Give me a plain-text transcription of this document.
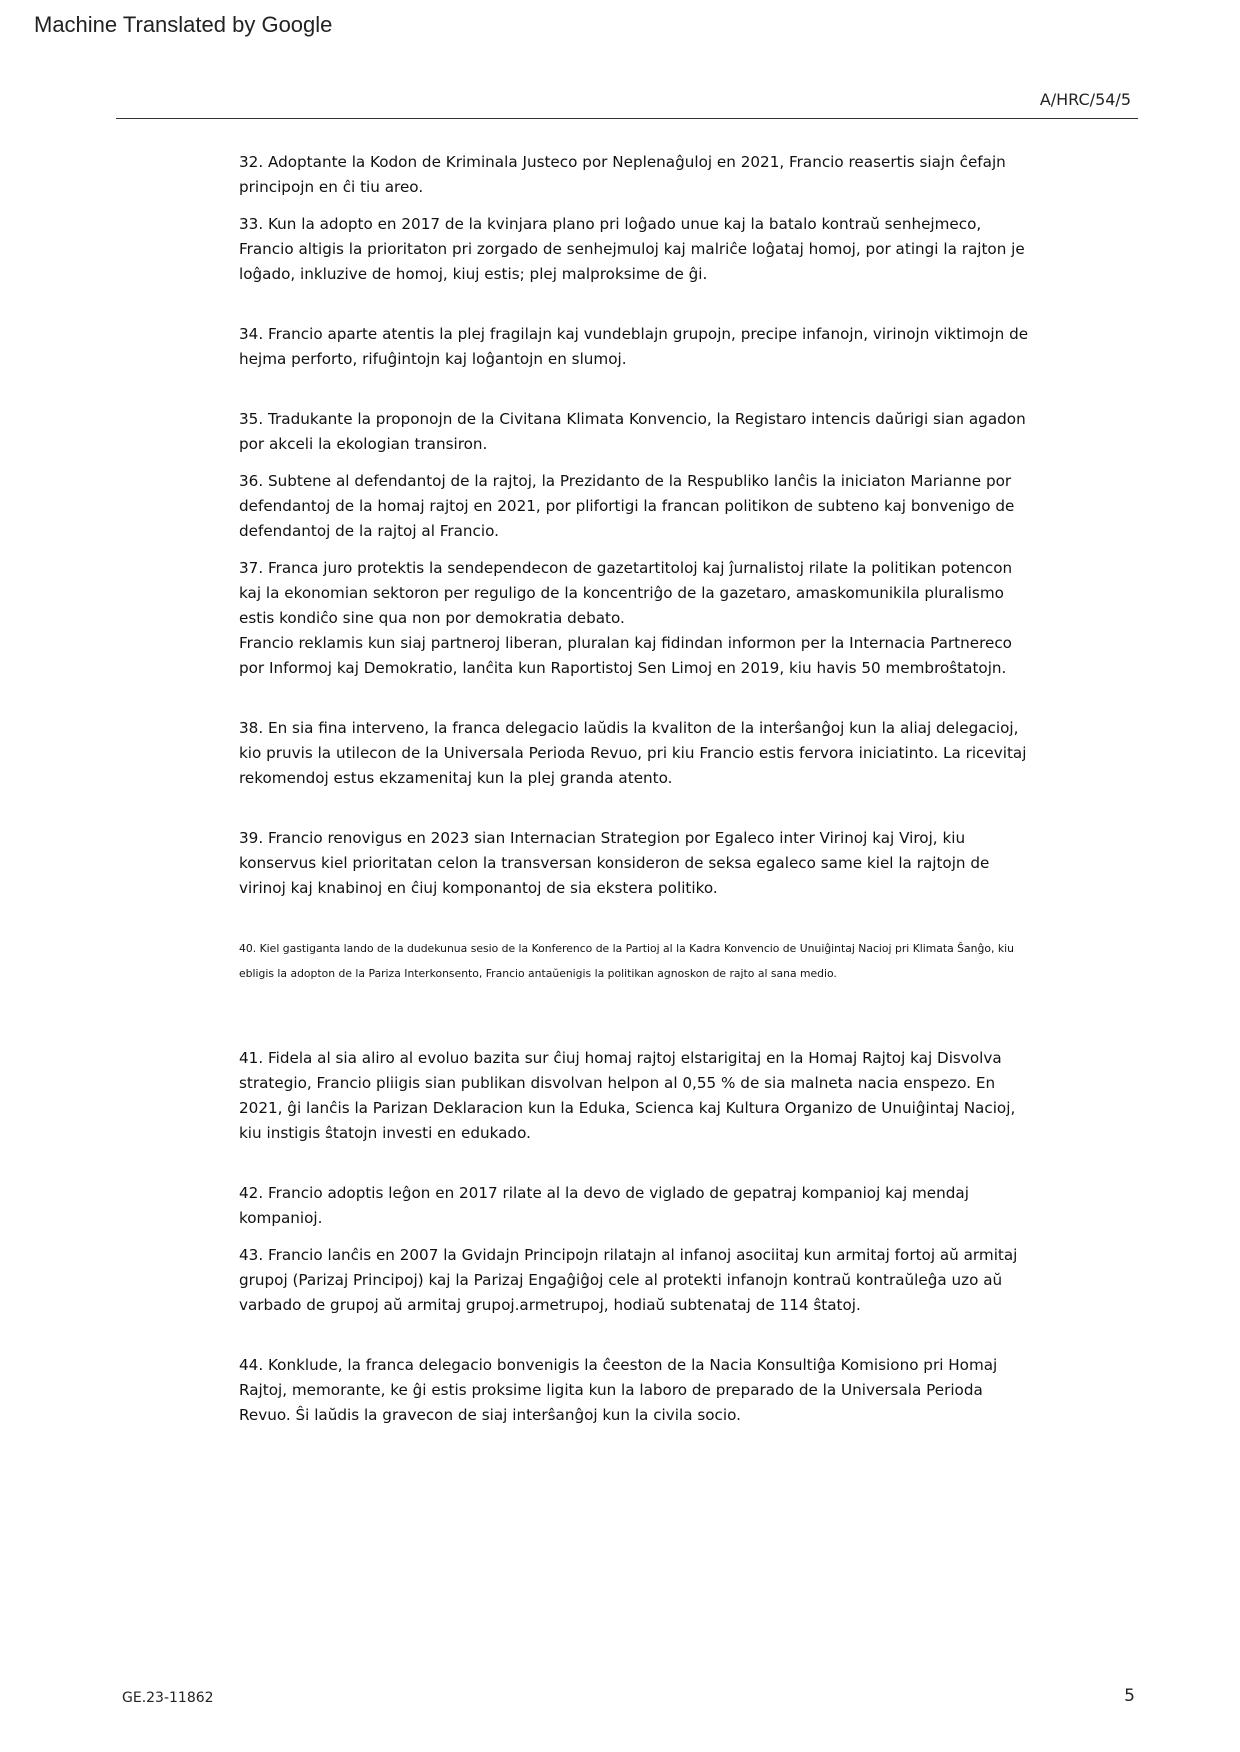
Machine Translated by Google
A/HRC/54/5

32. Adoptante la Kodon de Kriminala Justeco por Neplenaĝuloj en 2021, Francio reasertis siajn ĉefajn principojn en ĉi tiu areo.

33. Kun la adopto en 2017 de la kvinjara plano pri loĝado unue kaj la batalo kontraŭ senhejmeco, Francio altigis la prioritaton pri zorgado de senhejmuloj kaj malriĉe loĝataj homoj, por atingi la rajton je loĝado, inkluzive de homoj, kiuj estis; plej malproksime de ĝi.

34. Francio aparte atentis la plej fragilajn kaj vundeblajn grupojn, precipe infanojn, virinojn viktimojn de hejma perforto, rifuĝintojn kaj loĝantojn en slumoj.

35. Tradukante la proponojn de la Civitana Klimata Konvencio, la Registaro intencis daŭrigi sian agadon por akceli la ekologian transiron.

36. Subtene al defendantoj de la rajtoj, la Prezidanto de la Respubliko lanĉis la iniciaton Marianne por defendantoj de la homaj rajtoj en 2021, por plifortigi la francan politikon de subteno kaj bonvenigo de defendantoj de la rajtoj al Francio.

37. Franca juro protektis la sendependecon de gazetartitoloj kaj ĵurnalistoj rilate la politikan potencon kaj la ekonomian sektoron per reguligo de la koncentriĝo de la gazetaro, amaskomunikila pluralismo estis kondiĉo sine qua non por demokratia debato.

Francio reklamis kun siaj partneroj liberan, pluralan kaj fidindan informon per la Internacia Partnereco por Informoj kaj Demokratio, lanĉita kun Raportistoj Sen Limoj en 2019, kiu havis 50 membroŝtatojn.

38. En sia fina interveno, la franca delegacio laŭdis la kvaliton de la interŝanĝoj kun la aliaj delegacioj, kio pruvis la utilecon de la Universala Perioda Revuo, pri kiu Francio estis fervora iniciatinto. La ricevitaj rekomendoj estus ekzamenitaj kun la plej granda atento.

39. Francio renovigus en 2023 sian Internacian Strategion por Egaleco inter Virinoj kaj Viroj, kiu konservus kiel prioritatan celon la transversan konsideron de seksa egaleco same kiel la rajtojn de virinoj kaj knabinoj en ĉiuj komponantoj de sia ekstera politiko.

40. Kiel gastiganta lando de la dudekunua sesio de la Konferenco de la Partioj al la Kadra Konvencio de Unuiĝintaj Nacioj pri Klimata Ŝanĝo, kiu ebligis la adopton de la Pariza Interkonsento, Francio antaŭenigis la politikan agnoskon de rajto al sana medio.

41. Fidela al sia aliro al evoluo bazita sur ĉiuj homaj rajtoj elstarigitaj en la Homaj Rajtoj kaj Disvolva strategio, Francio pliigis sian publikan disvolvan helpon al 0,55 % de sia malneta nacia enspezo. En 2021, ĝi lanĉis la Parizan Deklaracion kun la Eduka, Scienca kaj Kultura Organizo de Unuiĝintaj Nacioj, kiu instigis ŝtatojn investi en edukado.

42. Francio adoptis leĝon en 2017 rilate al la devo de viglado de gepatraj kompanioj kaj mendaj kompanioj.

43. Francio lanĉis en 2007 la Gvidajn Principojn rilatajn al infanoj asociitaj kun armitaj fortoj aŭ armitaj grupoj (Parizaj Principoj) kaj la Parizaj Engaĝiĝoj cele al protekti infanojn kontraŭ kontraŭleĝa uzo aŭ varbado de grupoj aŭ armitaj grupoj.armetrupoj, hodiaŭ subtenataj de 114 ŝtatoj.

44. Konklude, la franca delegacio bonvenigis la ĉeeston de la Nacia Konsultiĝa Komisiono pri Homaj Rajtoj, memorante, ke ĝi estis proksime ligita kun la laboro de preparado de la Universala Perioda Revuo. Ŝi laŭdis la gravecon de siaj interŝanĝoj kun la civila socio.

GE.23-11862	5
